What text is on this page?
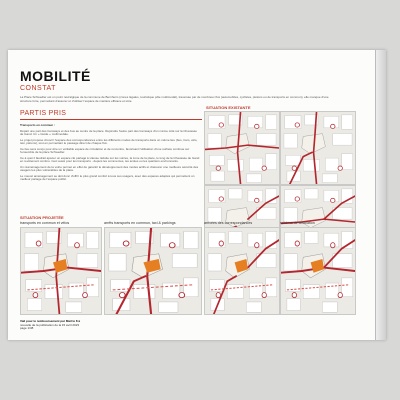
MOBILITÉ
CONSTAT
La Place Schwedler est un point névralgique de la commune de Bernheim (zones légales, touristique pôle multimodal), traversée par de nombreux flux (automobiles, cyclistes, piétons ou de transports en commun), elle manque d'une structure forte, permettant d'assurer et d'utiliser l'espace de manière efficace et sûre.
PARTIS PRIS

Transports en commun :

Départ une part des tramways et des bus au centre de la place. Rejoindre l'autre part des tramways d'un même côté sur la Chaussée de Gand. Un « Guide » multimodale.

Le projet propose d'ouvrir l'espace des correspondances entre les différents modes de transports dans un même lieu (bus, tram, vélo, taxi, piétons), tout en permettant le passage direct de chaque flux.

Ce lieu sera conçu pour être un véritable espace de circulation et de rencontre, favorisant l'utilisation d'une surface continue sur l'ensemble de la place Schwedler.

Ce à quoi il faudrait ajouter un espace clé partagé à vitesse réduite sur les voiries, la zone de la place, le long de la Chaussée de Gand en revêtement continu. Ceci aussi pour les transports - depuis les commerces, les écoles ou les quartiers environnants.

Un réaménagement de la voirie permet en effet de garantir le développement des modes actifs et d'assurer une meilleure sécurité des usagers les plus vulnérables de la place.

Le nouvel aménagement se doit donc d'offrir le plus grand confort à tous ces usagers, avec des espaces adaptés qui permettent un meilleur partage de l'espace public.

SITUATION EXISTANTE
SITUATION PROJETÉE
transports en commun et vélos	arrêts transports en commun, taxi & parkings	arrivées des correspondances	schéma de circulation
Vail pour le remboursement par Mail le 8 à
nouvelle de la publication de la 15 avril 2023
page 1/38
